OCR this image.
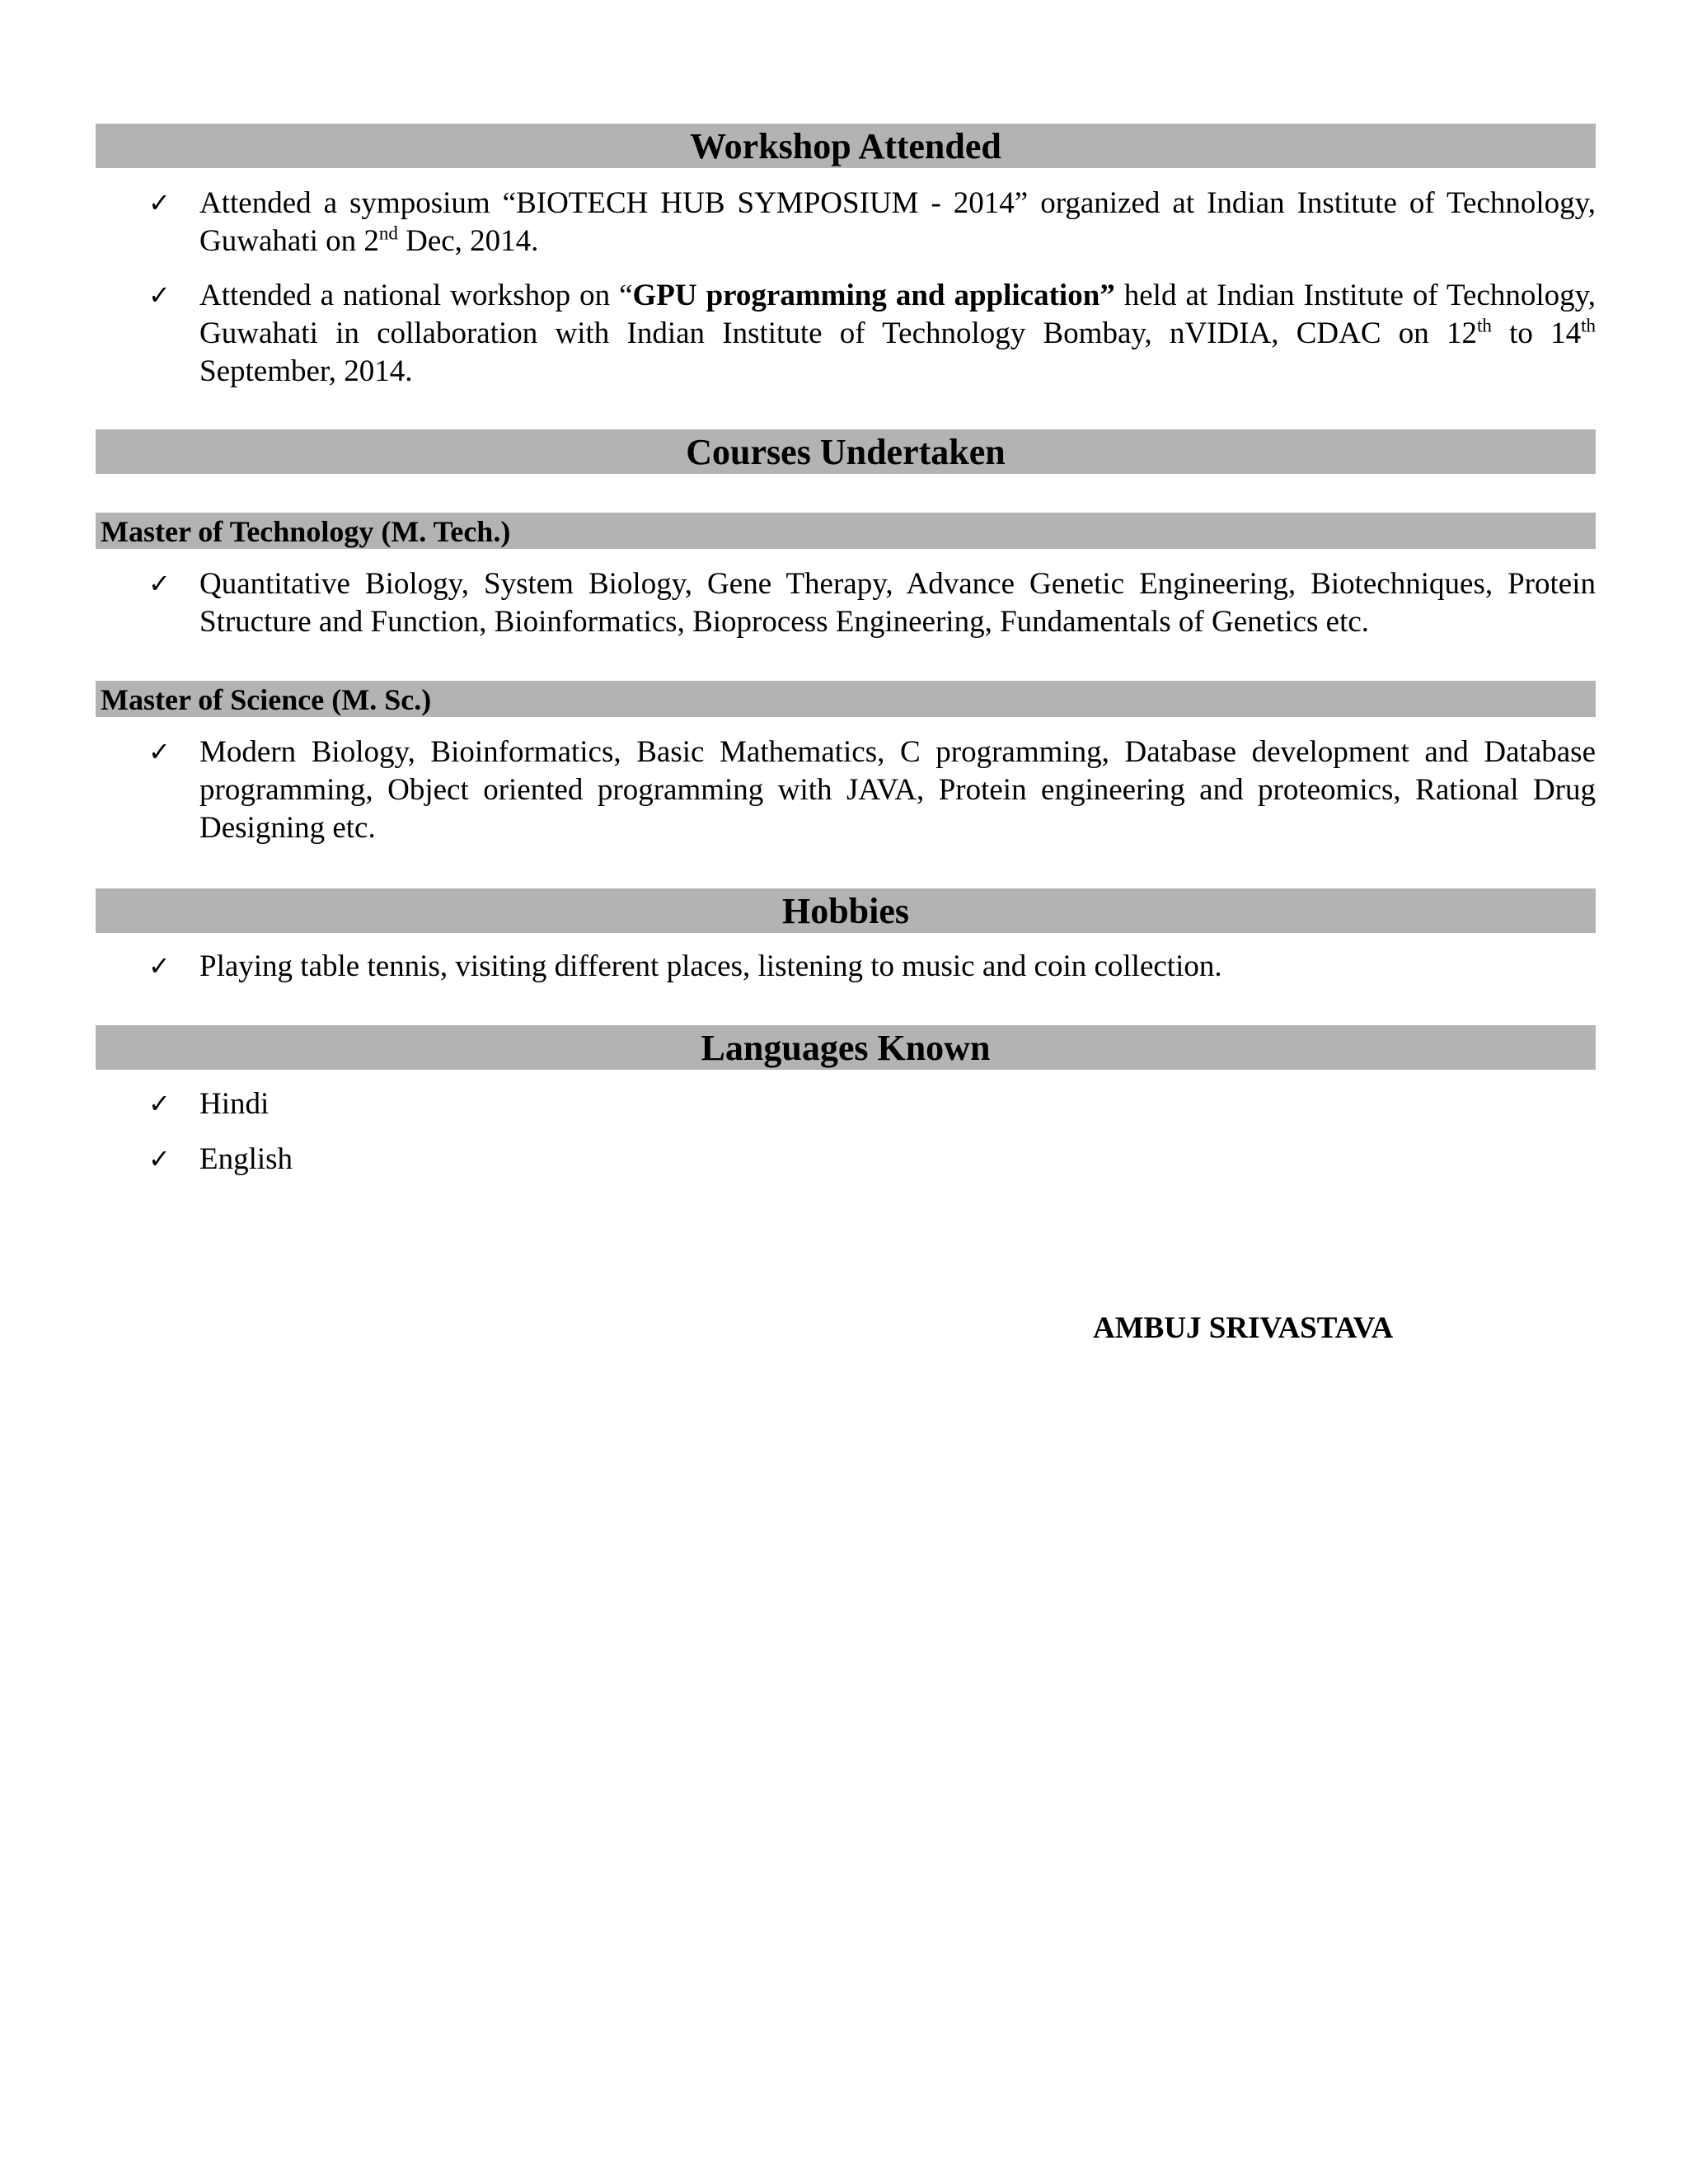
Workshop Attended
✓ Attended a symposium “BIOTECH HUB SYMPOSIUM - 2014” organized at Indian Institute of Technology, Guwahati on 2nd Dec, 2014.
✓ Attended a national workshop on “GPU programming and application” held at Indian Institute of Technology, Guwahati in collaboration with Indian Institute of Technology Bombay, nVIDIA, CDAC on 12th to 14th September, 2014.
Courses Undertaken
Master of Technology (M. Tech.)
✓ Quantitative Biology, System Biology, Gene Therapy, Advance Genetic Engineering, Biotechniques, Protein Structure and Function, Bioinformatics, Bioprocess Engineering, Fundamentals of Genetics etc.
Master of Science (M. Sc.)
✓ Modern Biology, Bioinformatics, Basic Mathematics, C programming, Database development and Database programming, Object oriented programming with JAVA, Protein engineering and proteomics, Rational Drug Designing etc.
Hobbies
✓ Playing table tennis, visiting different places, listening to music and coin collection.
Languages Known
✓ Hindi
✓ English
AMBUJ SRIVASTAVA
